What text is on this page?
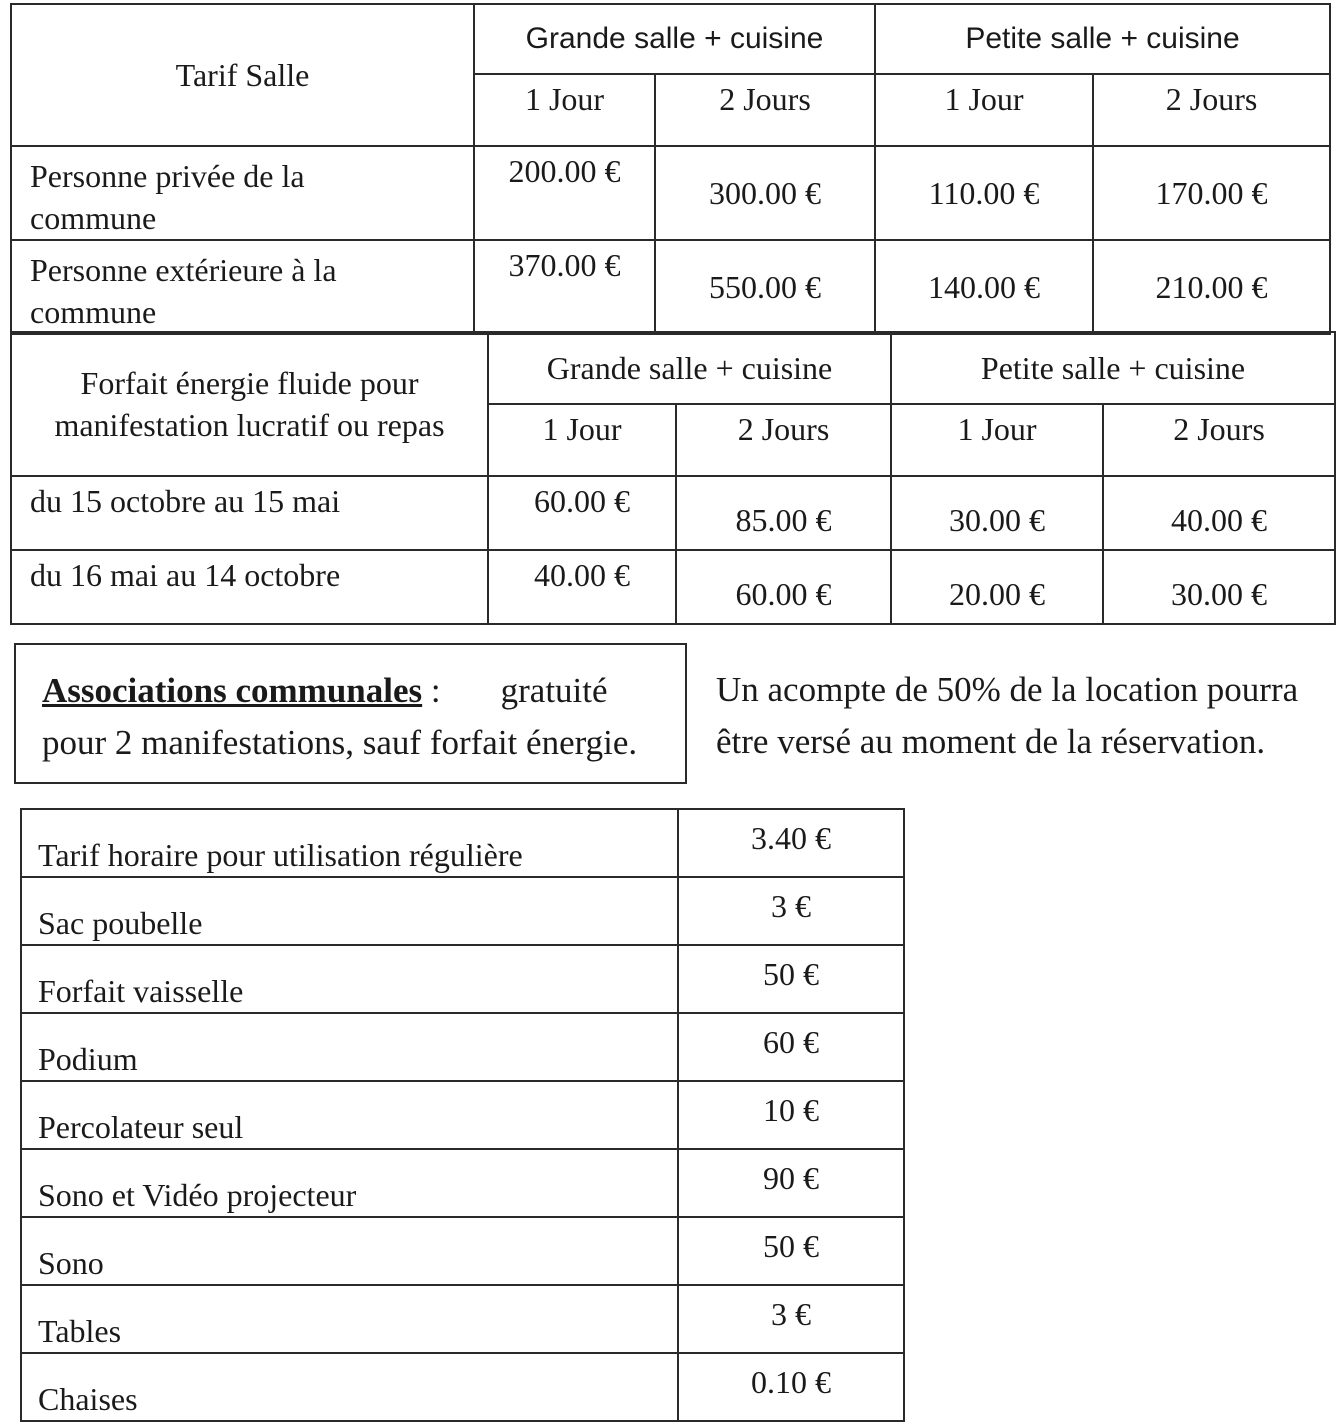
Tarif Salle	Grande salle + cuisine		Petite salle + cuisine	
	1 Jour	2 Jours	1 Jour	2 Jours
Personne privée de la
commune	200.00 €	300.00 €	110.00 €	170.00 €
Personne extérieure à la
commune	370.00 €	550.00 €	140.00 €	210.00 €
Forfait énergie fluide pour
manifestation lucratif ou repas	Grande salle + cuisine		Petite salle + cuisine	
	1 Jour	2 Jours	1 Jour	2 Jours
du 15 octobre au 15 mai	60.00 €	85.00 €	30.00 €	40.00 €
du 16 mai au 14 octobre	40.00 €	60.00 €	20.00 €	30.00 €
Associations communales : gratuité
pour 2 manifestations, sauf forfait énergie.
Un acompte de 50% de la location pourra
être versé au moment de la réservation.
Tarif horaire pour utilisation régulière	3.40 €
Sac poubelle	3 €
Forfait vaisselle	50 €
Podium	60 €
Percolateur seul	10 €
Sono et Vidéo projecteur	90 €
Sono	50 €
Tables	3 €
Chaises	0.10 €
